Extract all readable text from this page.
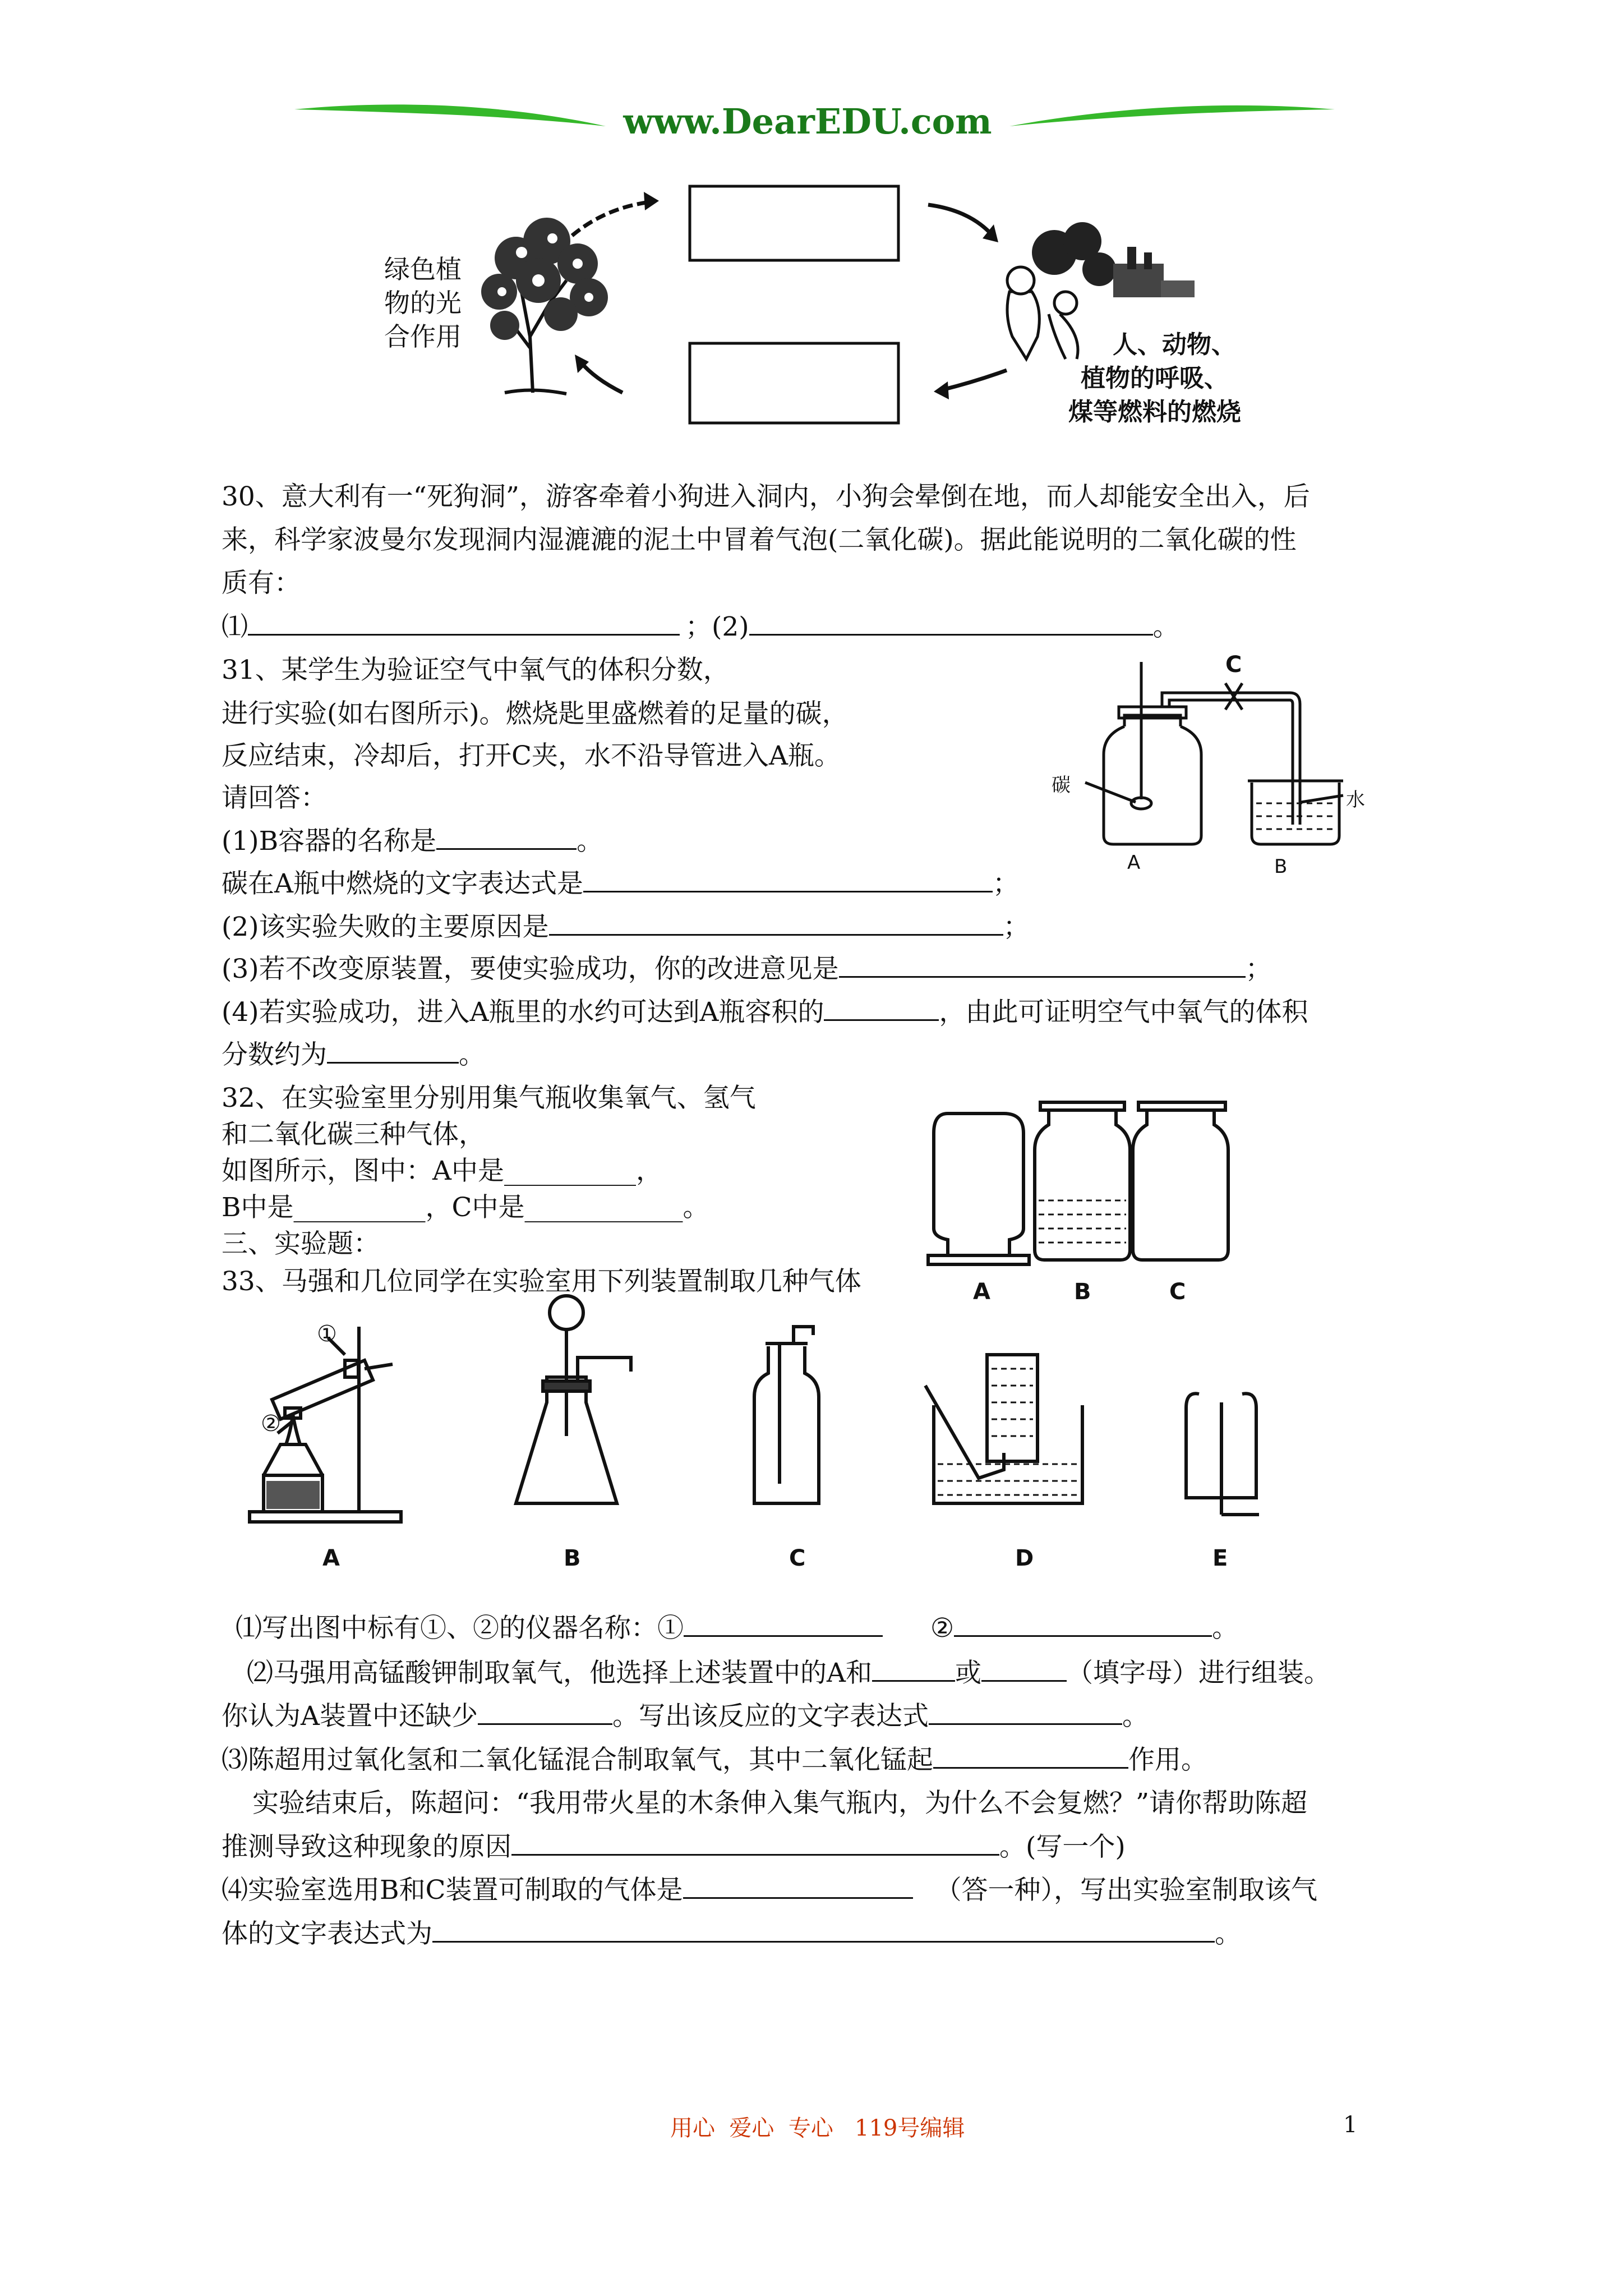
www.DearEDU.com
绿色植
物的光
合作用	人、动物、
植物的呼吸、
煤等燃料的燃烧
30、意大利有一“死狗洞”，游客牵着小狗进入洞内，小狗会晕倒在地，而人却能安全出入，后
来，科学家波曼尔发现洞内湿漉漉的泥土中冒着气泡(二氧化碳)。据此能说明的二氧化碳的性
质有：
⑴	；(2)	。
31、某学生为验证空气中氧气的体积分数，
进行实验(如右图所示)。燃烧匙里盛燃着的足量的碳，
反应结束，冷却后，打开C夹，水不沿导管进入A瓶。
请回答：
(1)B容器的名称是	。
碳在A瓶中燃烧的文字表达式是	；
(2)该实验失败的主要原因是	；
(3)若不改变原装置，要使实验成功，你的改进意见是	；
(4)若实验成功，进入A瓶里的水约可达到A瓶容积的	，由此可证明空气中氧气的体积
分数约为	。
C
碳
水
A	B
32、在实验室里分别用集气瓶收集氧气、氢气
和二氧化碳三种气体，
如图所示，图中：A中是__________，
B中是__________，C中是____________。
A	B	C
三、实验题：
33、马强和几位同学在实验室用下列装置制取几种气体
①
②
A	B	C	D	E
⑴写出图中标有①、②的仪器名称：①	②	。
⑵马强用高锰酸钾制取氧气，他选择上述装置中的A和	或	（填字母）进行组装。
你认为A装置中还缺少	。写出该反应的文字表达式	。
⑶陈超用过氧化氢和二氧化锰混合制取氧气，其中二氧化锰起	作用。
实验结束后，陈超问：“我用带火星的木条伸入集气瓶内，为什么不会复燃？”请你帮助陈超
推测导致这种现象的原因	。(写一个)
⑷实验室选用B和C装置可制取的气体是	（答一种），写出实验室制取该气
体的文字表达式为	。
用心  爱心  专心   119号编辑	1
